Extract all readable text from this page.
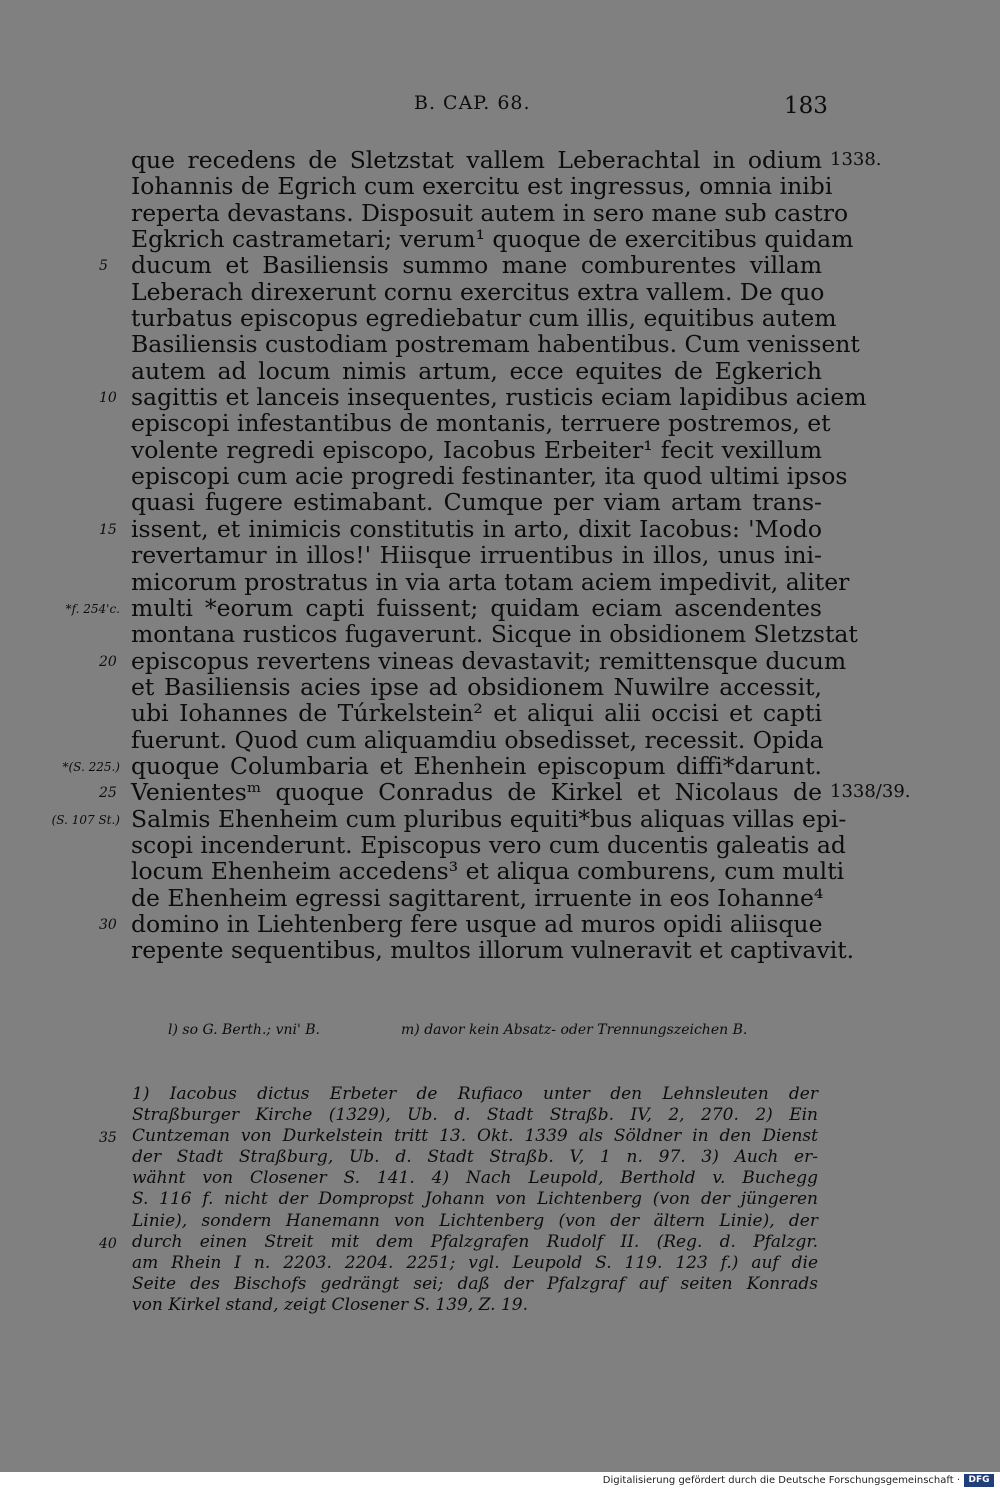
B. CAP. 68.	183
que recedens de Sletzstat vallem Leberachtal in odium 1338.
Iohannis de Egrich cum exercitu est ingressus, omnia inibi
reperta devastans. Disposuit autem in sero mane sub castro
Egkrich castrametari; verum¹ quoque de exercitibus quidam
ducum et Basiliensis summo mane comburentes villam
5
Leberach direxerunt cornu exercitus extra vallem. De quo
turbatus episcopus egrediebatur cum illis, equitibus autem
Basiliensis custodiam postremam habentibus. Cum venissent
autem ad locum nimis artum, ecce equites de Egkerich
sagittis et lanceis insequentes, rusticis eciam lapidibus aciem
10
episcopi infestantibus de montanis, terruere postremos, et
volente regredi episcopo, Iacobus Erbeiter¹ fecit vexillum
episcopi cum acie progredi festinanter, ita quod ultimi ipsos
quasi fugere estimabant. Cumque per viam artam trans-
issent, et inimicis constitutis in arto, dixit Iacobus: 'Modo
15
revertamur in illos!' Hiisque irruentibus in illos, unus ini-
micorum prostratus in via arta totam aciem impedivit, aliter
multi *eorum capti fuissent; quidam eciam ascendentes
*f. 254'c.
montana rusticos fugaverunt. Sicque in obsidionem Sletzstat
episcopus revertens vineas devastavit; remittensque ducum
20
et Basiliensis acies ipse ad obsidionem Nuwilre accessit,
ubi Iohannes de Túrkelstein² et aliqui alii occisi et capti
fuerunt. Quod cum aliquamdiu obsedisset, recessit. Opida
quoque Columbaria et Ehenhein episcopum diffi*darunt.
*(S. 225.)
Venientesᵐ quoque Conradus de Kirkel et Nicolaus de
25	1338/39.
Salmis Ehenheim cum pluribus equiti*bus aliquas villas epi-
(S. 107 St.)
scopi incenderunt. Episcopus vero cum ducentis galeatis ad
locum Ehenheim accedens³ et aliqua comburens, cum multi
de Ehenheim egressi sagittarent, irruente in eos Iohanne⁴
domino in Liehtenberg fere usque ad muros opidi aliisque
30
repente sequentibus, multos illorum vulneravit et captivavit.
l) so G. Berth.; vni' B.	m) davor kein Absatz- oder Trennungszeichen B.
1) Iacobus dictus Erbeter de Rufiaco unter den Lehnsleuten der
Straßburger Kirche (1329), Ub. d. Stadt Straßb. IV, 2, 270. 2) Ein
Cuntzeman von Durkelstein tritt 13. Okt. 1339 als Söldner in den Dienst
35
der Stadt Straßburg, Ub. d. Stadt Straßb. V, 1 n. 97. 3) Auch er-
wähnt von Closener S. 141. 4) Nach Leupold, Berthold v. Buchegg
S. 116 f. nicht der Dompropst Johann von Lichtenberg (von der jüngeren
Linie), sondern Hanemann von Lichtenberg (von der ältern Linie), der
durch einen Streit mit dem Pfalzgrafen Rudolf II. (Reg. d. Pfalzgr.
40
am Rhein I n. 2203. 2204. 2251; vgl. Leupold S. 119. 123 f.) auf die
Seite des Bischofs gedrängt sei; daß der Pfalzgraf auf seiten Konrads
von Kirkel stand, zeigt Closener S. 139, Z. 19.
Digitalisierung gefördert durch die Deutsche Forschungsgemeinschaft · DFG
